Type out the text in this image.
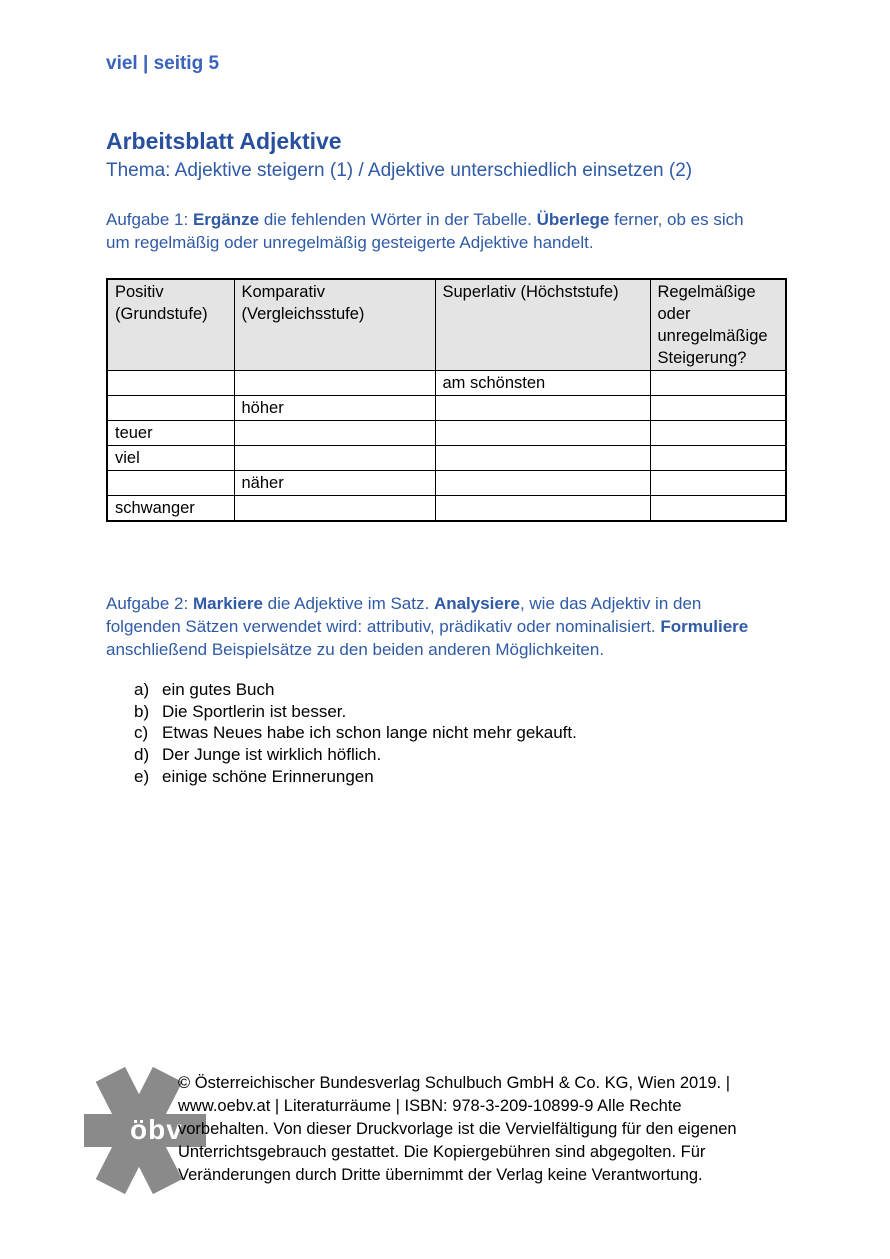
viel | seitig 5
Arbeitsblatt Adjektive
Thema: Adjektive steigern (1) / Adjektive unterschiedlich einsetzen (2)

Aufgabe 1: Ergänze die fehlenden Wörter in der Tabelle. Überlege ferner, ob es sich um regelmäßig oder unregelmäßig gesteigerte Adjektive handelt.

Positiv (Grundstufe)	Komparativ (Vergleichsstufe)	Superlativ (Höchststufe)	Regelmäßige oder unregelmäßige Steigerung?
		am schönsten	
	höher		
teuer			
viel			
	näher		
schwanger			

Aufgabe 2: Markiere die Adjektive im Satz. Analysiere, wie das Adjektiv in den folgenden Sätzen verwendet wird: attributiv, prädikativ oder nominalisiert. Formuliere anschließend Beispielsätze zu den beiden anderen Möglichkeiten.

a) ein gutes Buch
b) Die Sportlerin ist besser.
c) Etwas Neues habe ich schon lange nicht mehr gekauft.
d) Der Junge ist wirklich höflich.
e) einige schöne Erinnerungen
öbv
© Österreichischer Bundesverlag Schulbuch GmbH & Co. KG, Wien 2019. |
www.oebv.at | Literaturräume | ISBN: 978-3-209-10899-9 Alle Rechte
vorbehalten. Von dieser Druckvorlage ist die Vervielfältigung für den eigenen
Unterrichtsgebrauch gestattet. Die Kopiergebühren sind abgegolten. Für
Veränderungen durch Dritte übernimmt der Verlag keine Verantwortung.
